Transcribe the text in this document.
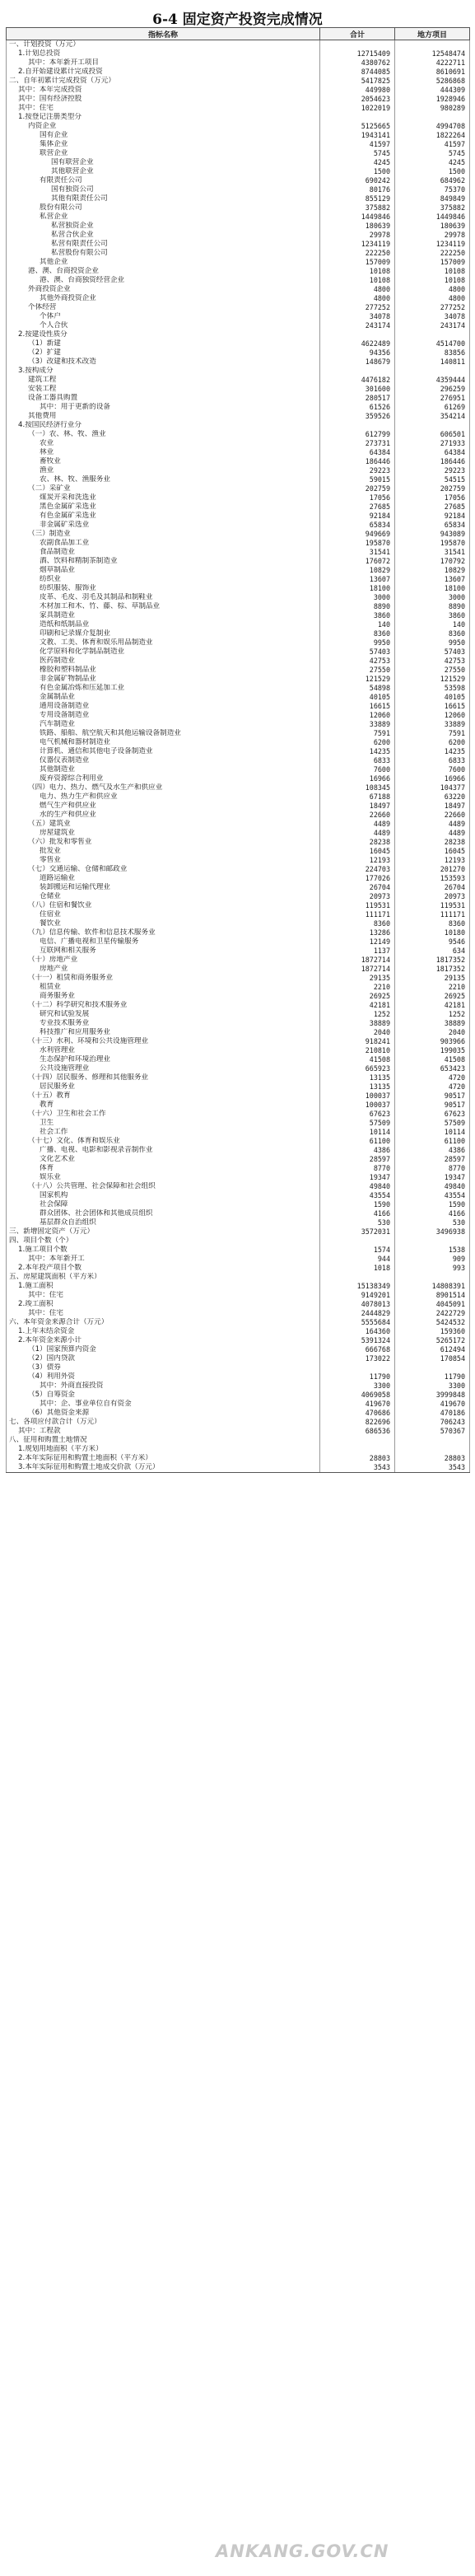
6-4 固定资产投资完成情况
指标名称	合计	地方项目
一、计划投资（万元）		
1.计划总投资	12715409	12548474
其中：本年新开工项目	4380762	4222711
2.自开始建设累计完成投资	8744085	8610691
二、自年初累计完成投资（万元）	5417825	5286868
其中：本年完成投资	449980	444309
其中：国有经济控股	2054623	1928946
其中：住宅	1022019	980289
1.按登记注册类型分		
内资企业	5125665	4994708
国有企业	1943141	1822264
集体企业	41597	41597
联营企业	5745	5745
国有联营企业	4245	4245
其他联营企业	1500	1500
有限责任公司	690242	684962
国有独资公司	80176	75370
其他有限责任公司	855129	849849
股份有限公司	375882	375882
私营企业	1449846	1449846
私营独资企业	180639	180639
私营合伙企业	29978	29978
私营有限责任公司	1234119	1234119
私营股份有限公司	222250	222250
其他企业	157009	157009
港、澳、台商投资企业	10108	10108
港、澳、台商独资经营企业	10108	10108
外商投资企业	4800	4800
其他外商投资企业	4800	4800
个体经营	277252	277252
个体户	34078	34078
个人合伙	243174	243174
2.按建设性质分		
（1）新建	4622489	4514700
（2）扩建	94356	83856
（3）改建和技术改造	148679	140811
3.按构成分		
建筑工程	4476182	4359444
安装工程	301600	296259
设备工器具购置	280517	276951
其中：用于更新的设备	61526	61269
其他费用	359526	354214
4.按国民经济行业分		
（一）农、林、牧、渔业	612799	606501
农业	273731	271933
林业	64384	64384
畜牧业	186446	186446
渔业	29223	29223
农、林、牧、渔服务业	59015	54515
（二）采矿业	202759	202759
煤炭开采和洗选业	17056	17056
黑色金属矿采选业	27685	27685
有色金属矿采选业	92184	92184
非金属矿采选业	65834	65834
（三）制造业	949669	943089
农副食品加工业	195870	195870
食品制造业	31541	31541
酒、饮料和精制茶制造业	176072	170792
烟草制品业	10829	10829
纺织业	13607	13607
纺织服装、服饰业	18100	18100
皮革、毛皮、羽毛及其制品和制鞋业	3000	3000
木材加工和木、竹、藤、棕、草制品业	8890	8890
家具制造业	3860	3860
造纸和纸制品业	140	140
印刷和记录媒介复制业	8360	8360
文教、工美、体育和娱乐用品制造业	9950	9950
化学原料和化学制品制造业	57403	57403
医药制造业	42753	42753
橡胶和塑料制品业	27550	27550
非金属矿物制品业	121529	121529
有色金属冶炼和压延加工业	54898	53598
金属制品业	40105	40105
通用设备制造业	16615	16615
专用设备制造业	12060	12060
汽车制造业	33889	33889
铁路、船舶、航空航天和其他运输设备制造业	7591	7591
电气机械和器材制造业	6200	6200
计算机、通信和其他电子设备制造业	14235	14235
仪器仪表制造业	6833	6833
其他制造业	7600	7600
废弃资源综合利用业	16966	16966
（四）电力、热力、燃气及水生产和供应业	108345	104377
电力、热力生产和供应业	67188	63220
燃气生产和供应业	18497	18497
水的生产和供应业	22660	22660
（五）建筑业	4489	4489
房屋建筑业	4489	4489
（六）批发和零售业	28238	28238
批发业	16045	16045
零售业	12193	12193
（七）交通运输、仓储和邮政业	224703	201270
道路运输业	177026	153593
装卸搬运和运输代理业	26704	26704
仓储业	20973	20973
（八）住宿和餐饮业	119531	119531
住宿业	111171	111171
餐饮业	8360	8360
（九）信息传输、软件和信息技术服务业	13286	10180
电信、广播电视和卫星传输服务	12149	9546
互联网和相关服务	1137	634
（十）房地产业	1872714	1817352
房地产业	1872714	1817352
（十一）租赁和商务服务业	29135	29135
租赁业	2210	2210
商务服务业	26925	26925
（十二）科学研究和技术服务业	42181	42181
研究和试验发展	1252	1252
专业技术服务业	38889	38889
科技推广和应用服务业	2040	2040
（十三）水利、环境和公共设施管理业	918241	903966
水利管理业	210810	199035
生态保护和环境治理业	41508	41508
公共设施管理业	665923	653423
（十四）居民服务、修理和其他服务业	13135	4720
居民服务业	13135	4720
（十五）教育	100037	90517
教育	100037	90517
（十六）卫生和社会工作	67623	67623
卫生	57509	57509
社会工作	10114	10114
（十七）文化、体育和娱乐业	61100	61100
广播、电视、电影和影视录音制作业	4386	4386
文化艺术业	28597	28597
体育	8770	8770
娱乐业	19347	19347
（十八）公共管理、社会保障和社会组织	49840	49840
国家机构	43554	43554
社会保障	1590	1590
群众团体、社会团体和其他成员组织	4166	4166
基层群众自治组织	530	530
三、新增固定资产（万元）	3572031	3496938
四、项目个数（个）		
1.施工项目个数	1574	1538
其中：本年新开工	944	909
2.本年投产项目个数	1018	993
五、房屋建筑面积（平方米）		
1.施工面积	15138349	14808391
其中：住宅	9149201	8901514
2.竣工面积	4078013	4045091
其中：住宅	2444829	2422729
六、本年资金来源合计（万元）	5555684	5424532
1.上年末结余资金	164360	159360
2.本年资金来源小计	5391324	5265172
（1）国家预算内资金	666768	612494
（2）国内贷款	173022	170854
（3）债券		
（4）利用外资	11790	11790
其中：外商直接投资	3300	3300
（5）自筹资金	4069058	3999848
其中：企、事业单位自有资金	419670	419670
（6）其他资金来源	470686	470186
七、各项应付款合计（万元）	822696	706243
其中：工程款	686536	570367
八、征用和购置土地情况		
1.规划用地面积（平方米）		
2.本年实际征用和购置土地面积（平方米）	28803	28803
3.本年实际征用和购置土地成交价款（万元）	3543	3543
ANKANG.GOV.CN
